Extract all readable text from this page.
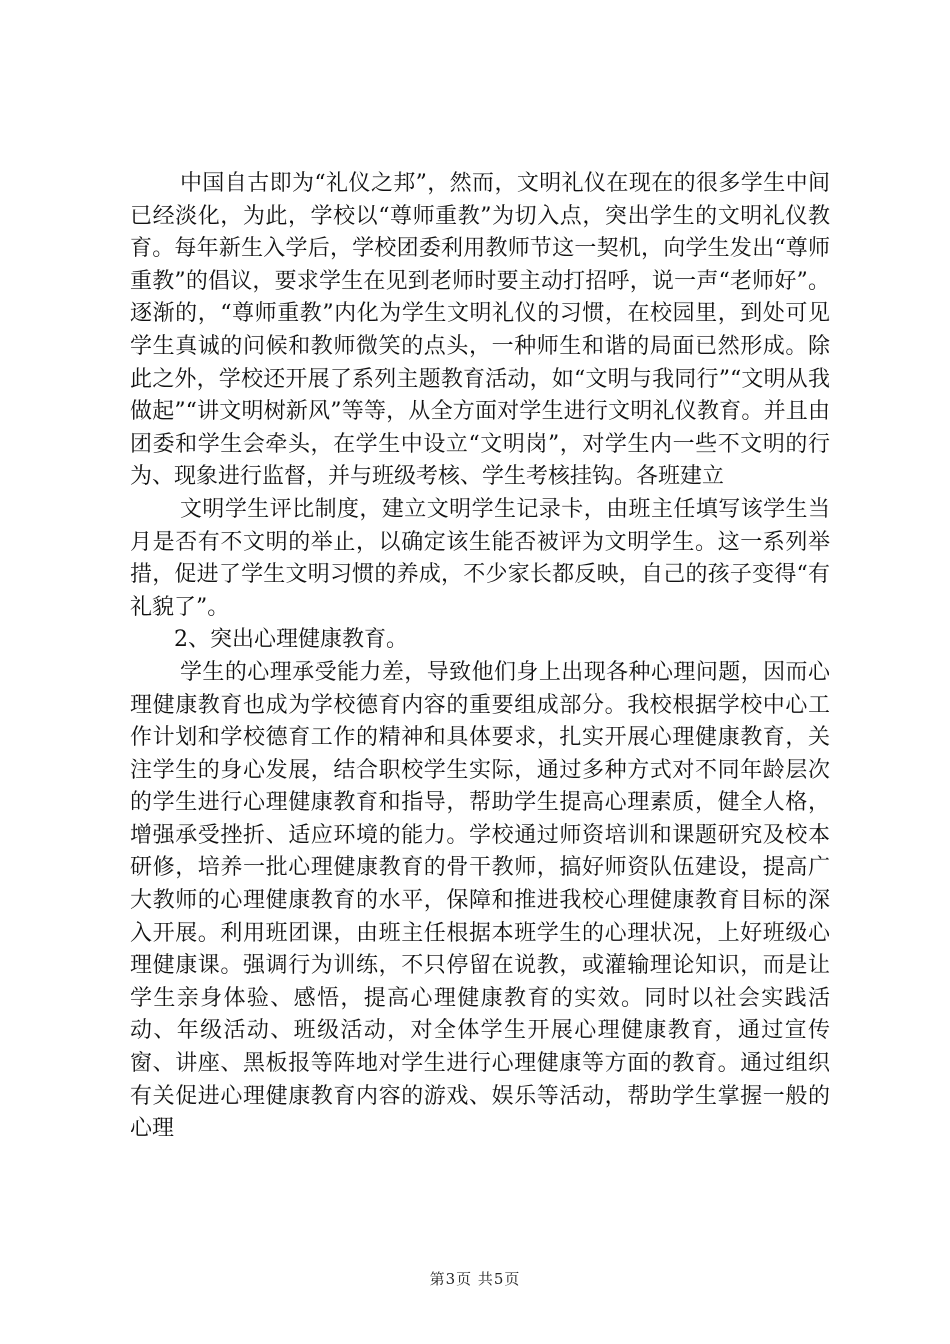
中国自古即为“礼仪之邦”，然而，文明礼仪在现在的很多学生中间已经淡化，为此，学校以“尊师重教”为切入点，突出学生的文明礼仪教育。每年新生入学后，学校团委利用教师节这一契机，向学生发出“尊师重教”的倡议，要求学生在见到老师时要主动打招呼，说一声“老师好”。逐渐的，“尊师重教”内化为学生文明礼仪的习惯，在校园里，到处可见学生真诚的问候和教师微笑的点头，一种师生和谐的局面已然形成。除此之外，学校还开展了系列主题教育活动，如“文明与我同行”“文明从我做起”“讲文明树新风”等等，从全方面对学生进行文明礼仪教育。并且由团委和学生会牵头，在学生中设立“文明岗”，对学生内一些不文明的行为、现象进行监督，并与班级考核、学生考核挂钩。各班建立

文明学生评比制度，建立文明学生记录卡，由班主任填写该学生当月是否有不文明的举止，以确定该生能否被评为文明学生。这一系列举措，促进了学生文明习惯的养成，不少家长都反映，自己的孩子变得“有礼貌了”。

2、突出心理健康教育。

学生的心理承受能力差，导致他们身上出现各种心理问题，因而心理健康教育也成为学校德育内容的重要组成部分。我校根据学校中心工作计划和学校德育工作的精神和具体要求，扎实开展心理健康教育，关注学生的身心发展，结合职校学生实际，通过多种方式对不同年龄层次的学生进行心理健康教育和指导，帮助学生提高心理素质，健全人格，增强承受挫折、适应环境的能力。学校通过师资培训和课题研究及校本研修，培养一批心理健康教育的骨干教师，搞好师资队伍建设，提高广大教师的心理健康教育的水平，保障和推进我校心理健康教育目标的深入开展。利用班团课，由班主任根据本班学生的心理状况，上好班级心理健康课。强调行为训练，不只停留在说教，或灌输理论知识，而是让学生亲身体验、感悟，提高心理健康教育的实效。同时以社会实践活动、年级活动、班级活动，对全体学生开展心理健康教育，通过宣传窗、讲座、黑板报等阵地对学生进行心理健康等方面的教育。通过组织有关促进心理健康教育内容的游戏、娱乐等活动，帮助学生掌握一般的心理

第3页 共5页
